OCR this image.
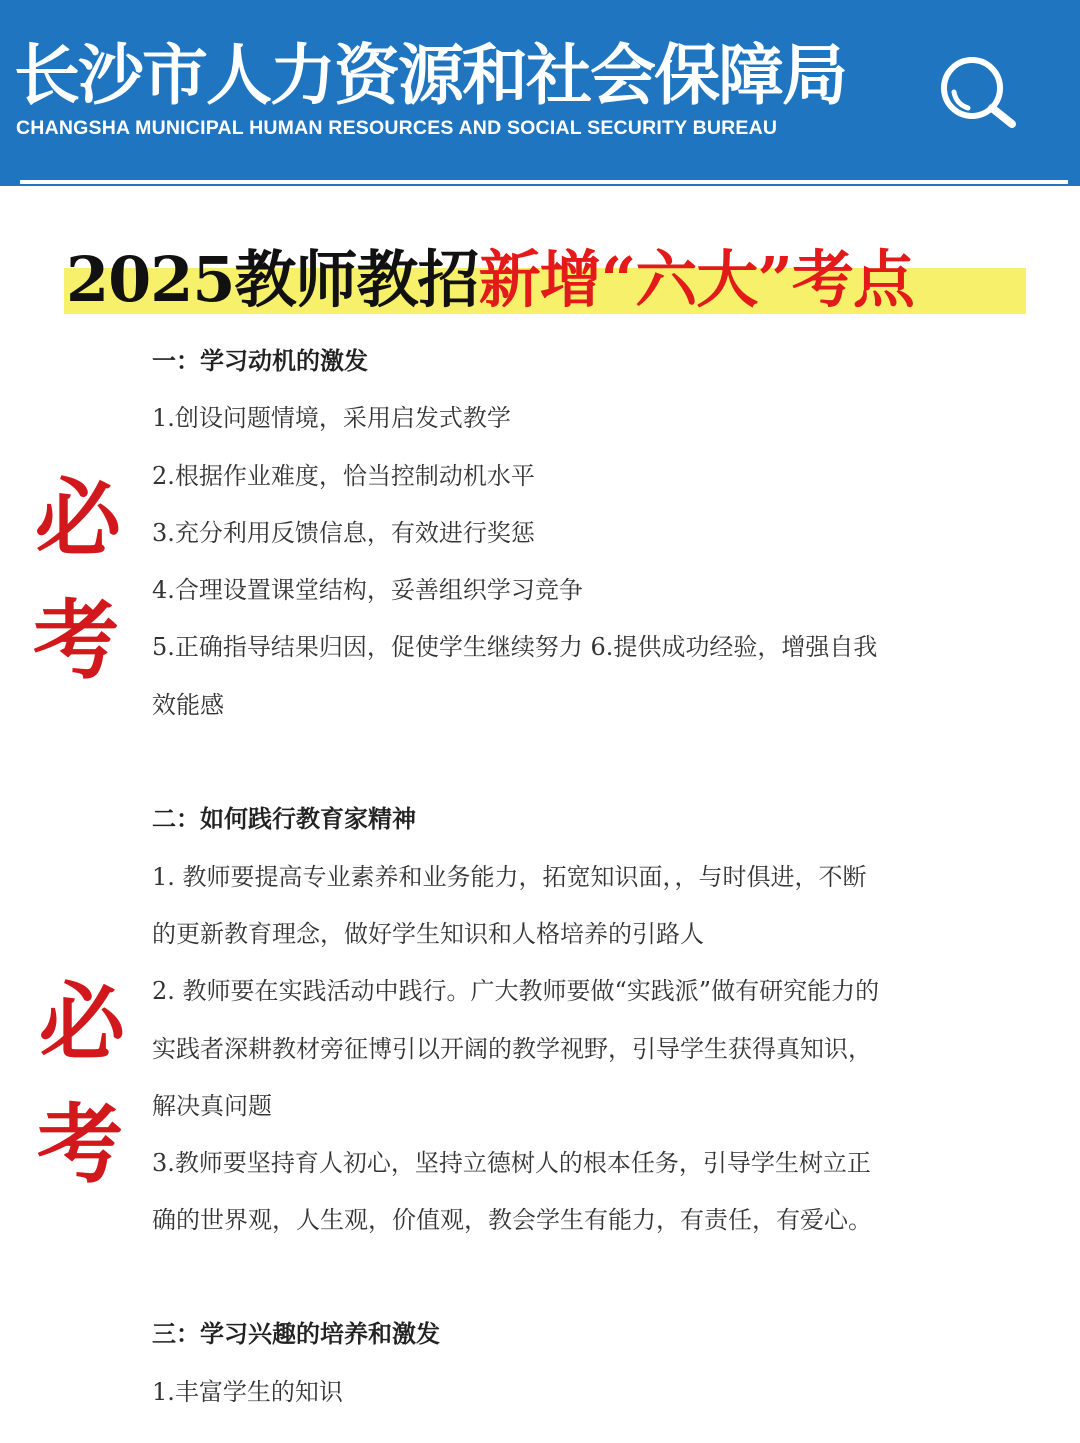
长沙市人力资源和社会保障局
CHANGSHA MUNICIPAL HUMAN RESOURCES AND SOCIAL SECURITY BUREAU
2025教师教招新增“六大”考点
必
考
必
考
一：学习动机的激发
1.创设问题情境，采用启发式教学
2.根据作业难度，恰当控制动机水平
3.充分利用反馈信息，有效进行奖惩
4.合理设置课堂结构，妥善组织学习竞争
5.正确指导结果归因，促使学生继续努力 6.提供成功经验，增强自我
效能感
二：如何践行教育家精神
1. 教师要提高专业素养和业务能力，拓宽知识面，，与时俱进，不断
的更新教育理念，做好学生知识和人格培养的引路人
2. 教师要在实践活动中践行。广大教师要做“实践派”做有研究能力的
实践者深耕教材旁征博引以开阔的教学视野，引导学生获得真知识，
解决真问题
3.教师要坚持育人初心，坚持立德树人的根本任务，引导学生树立正
确的世界观，人生观，价值观，教会学生有能力，有责任，有爱心。
三：学习兴趣的培养和激发
1.丰富学生的知识
